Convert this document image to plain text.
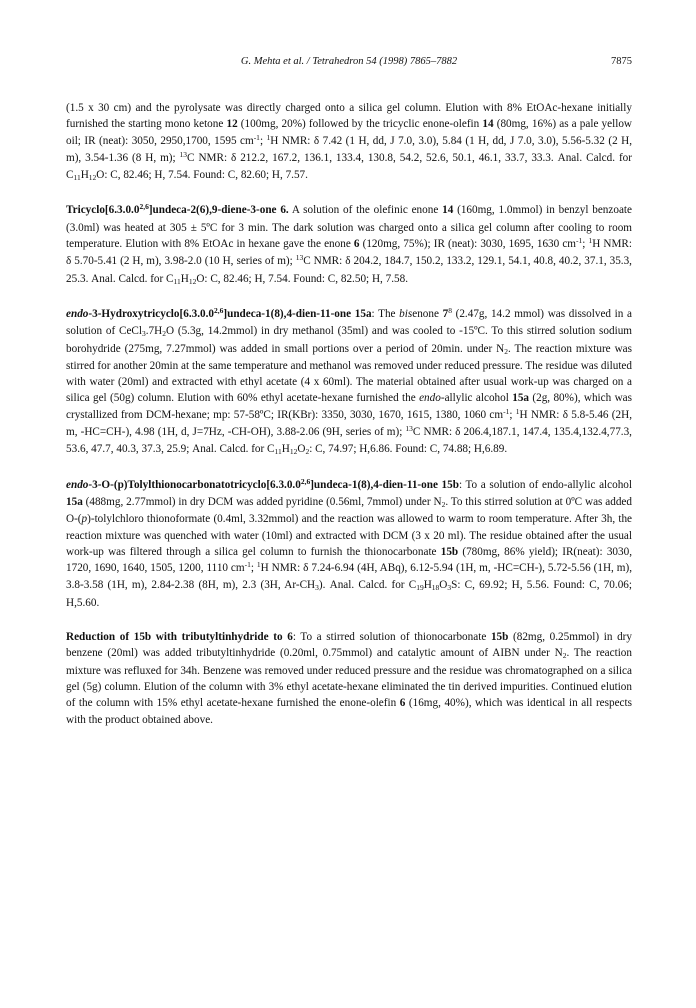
G. Mehta et al. / Tetrahedron 54 (1998) 7865–7882	7875

(1.5 x 30 cm) and the pyrolysate was directly charged onto a silica gel column. Elution with 8% EtOAc-hexane initially furnished the starting mono ketone 12 (100mg, 20%) followed by the tricyclic enone-olefin 14 (80mg, 16%) as a pale yellow oil; IR (neat): 3050, 2950,1700, 1595 $cm^{-1}$; $^1$H NMR: δ 7.42 (1 H, dd, J 7.0, 3.0), 5.84 (1 H, dd, J 7.0, 3.0), 5.56-5.32 (2 H, m), 3.54-1.36 (8 H, m); $^{13}$C NMR: δ 212.2, 167.2, 136.1, 133.4, 130.8, 54.2, 52.6, 50.1, 46.1, 33.7, 33.3. Anal. Calcd. for $C_{11}H_{12}O$: C, 82.46; H, 7.54. Found: C, 82.60; H, 7.57.

Tricyclo[6.3.0.0$^{2,6}$]undeca-2(6),9-diene-3-one 6. A solution of the olefinic enone 14 (160mg, 1.0mmol) in benzyl benzoate (3.0ml) was heated at 305 ± 5ºC for 3 min. The dark solution was charged onto a silica gel column after cooling to room temperature. Elution with 8% EtOAc in hexane gave the enone 6 (120mg, 75%); IR (neat): 3030, 1695, 1630 $cm^{-1}$; $^1$H NMR: δ 5.70-5.41 (2 H, m), 3.98-2.0 (10 H, series of m); $^{13}$C NMR: δ 204.2, 184.7, 150.2, 133.2, 129.1, 54.1, 40.8, 40.2, 37.1, 35.3, 25.3. Anal. Calcd. for $C_{11}H_{12}O$: C, 82.46; H, 7.54. Found: C, 82.50; H, 7.58.

endo-3-Hydroxytricyclo[6.3.0.0$^{2,6}$]undeca-1(8),4-dien-11-one 15a: The bisenone $7^8$ (2.47g, 14.2 mmol) was dissolved in a solution of $CeCl_3.7H_2O$ (5.3g, 14.2mmol) in dry methanol (35ml) and was cooled to -15ºC. To this stirred solution sodium borohydride (275mg, 7.27mmol) was added in small portions over a period of 20min. under $N_2$. The reaction mixture was stirred for another 20min at the same temperature and methanol was removed under reduced pressure. The residue was diluted with water (20ml) and extracted with ethyl acetate (4 x 60ml). The material obtained after usual work-up was charged on a silica gel (50g) column. Elution with 60% ethyl acetate-hexane furnished the endo-allylic alcohol 15a (2g, 80%), which was crystallized from DCM-hexane; mp: 57-58ºC; IR(KBr): 3350, 3030, 1670, 1615, 1380, 1060 $cm^{-1}$; $^1$H NMR: δ 5.8-5.46 (2H, m, -HC=CH-), 4.98 (1H, d, J=7Hz, -CH-OH), 3.88-2.06 (9H, series of m); $^{13}$C NMR: δ 206.4,187.1, 147.4, 135.4,132.4,77.3, 53.6, 47.7, 40.3, 37.3, 25.9; Anal. Calcd. for $C_{11}H_{12}O_2$: C, 74.97; H,6.86. Found: C, 74.88; H,6.89.

endo-3-O-(p)Tolylthionocarbonatotricyclo[6.3.0.0$^{2,6}$]undeca-1(8),4-dien-11-one 15b: To a solution of endo-allylic alcohol 15a (488mg, 2.77mmol) in dry DCM was added pyridine (0.56ml, 7mmol) under $N_2$. To this stirred solution at 0ºC was added O-(p)-tolylchloro thionoformate (0.4ml, 3.32mmol) and the reaction was allowed to warm to room temperature. After 3h, the reaction mixture was quenched with water (10ml) and extracted with DCM (3 x 20 ml). The residue obtained after the usual work-up was filtered through a silica gel column to furnish the thionocarbonate 15b (780mg, 86% yield); IR(neat): 3030, 1720, 1690, 1640, 1505, 1200, 1110 $cm^{-1}$; $^1$H NMR: δ 7.24-6.94 (4H, ABq), 6.12-5.94 (1H, m, -HC=CH-), 5.72-5.56 (1H, m), 3.8-3.58 (1H, m), 2.84-2.38 (8H, m), 2.3 (3H, $Ar-CH_3$). Anal. Calcd. for $C_{19}H_{18}O_3S$: C, 69.92; H, 5.56. Found: C, 70.06; H,5.60.

Reduction of 15b with tributyltinhydride to 6: To a stirred solution of thionocarbonate 15b (82mg, 0.25mmol) in dry benzene (20ml) was added tributyltinhydride (0.20ml, 0.75mmol) and catalytic amount of AIBN under $N_2$. The reaction mixture was refluxed for 34h. Benzene was removed under reduced pressure and the residue was chromatographed on a silica gel (5g) column. Elution of the column with 3% ethyl acetate-hexane eliminated the tin derived impurities. Continued elution of the column with 15% ethyl acetate-hexane furnished the enone-olefin 6 (16mg, 40%), which was identical in all respects with the product obtained above.
